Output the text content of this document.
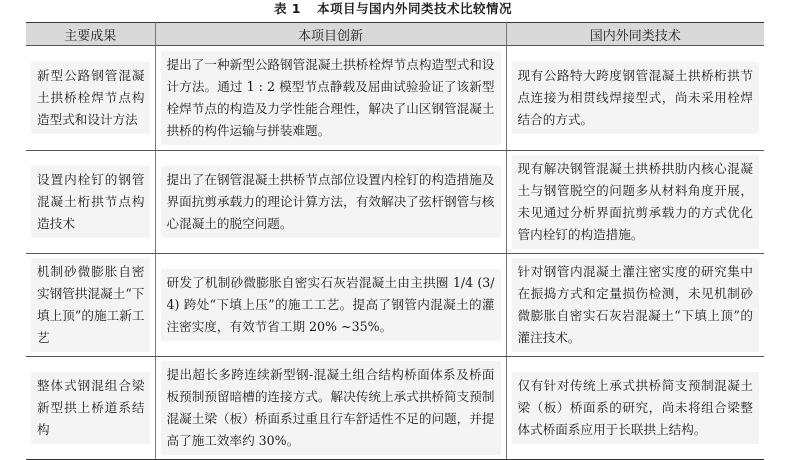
表 1 本项目与国内外同类技术比较情况
主要成果	本项目创新	国内外同类技术

新型公路钢管混凝土拱桥栓焊节点构造型式和设计方法	提出了一种新型公路钢管混凝土拱桥栓焊节点构造型式和设计方法。通过 1 : 2 模型节点静载及屈曲试验验证了该新型栓焊节点的构造及力学性能合理性，解决了山区钢管混凝土拱桥的构件运输与拼装难题。	现有公路特大跨度钢管混凝土拱桥桁拱节点连接为相贯线焊接型式，尚未采用栓焊结合的方式。

设置内栓钉的钢管混凝土桁拱节点构造技术	提出了在钢管混凝土拱桥节点部位设置内栓钉的构造措施及界面抗剪承载力的理论计算方法，有效解决了弦杆钢管与核心混凝土的脱空问题。	现有解决钢管混凝土拱桥拱肋内核心混凝土与钢管脱空的问题多从材料角度开展，未见通过分析界面抗剪承载力的方式优化管内栓钉的构造措施。

机制砂微膨胀自密实钢管拱混凝土“下填上顶”的施工新工艺	研发了机制砂微膨胀自密实石灰岩混凝土由主拱圈 1/4 (3/4) 跨处“下填上压”的施工工艺。提高了钢管内混凝土的灌注密实度，有效节省工期 20% ~35%。	针对钢管内混凝土灌注密实度的研究集中在振捣方式和定量损伤检测，未见机制砂微膨胀自密实石灰岩混凝土“下填上顶”的灌注技术。

整体式钢混组合梁新型拱上桥道系结构	提出超长多跨连续新型钢-混凝土组合结构桥面体系及桥面板预制预留暗槽的连接方式。解决传统上承式拱桥简支预制混凝土梁（板）桥面系过重且行车舒适性不足的问题，并提高了施工效率约 30%。	仅有针对传统上承式拱桥简支预制混凝土梁（板）桥面系的研究，尚未将组合梁整体式桥面系应用于长联拱上结构。
